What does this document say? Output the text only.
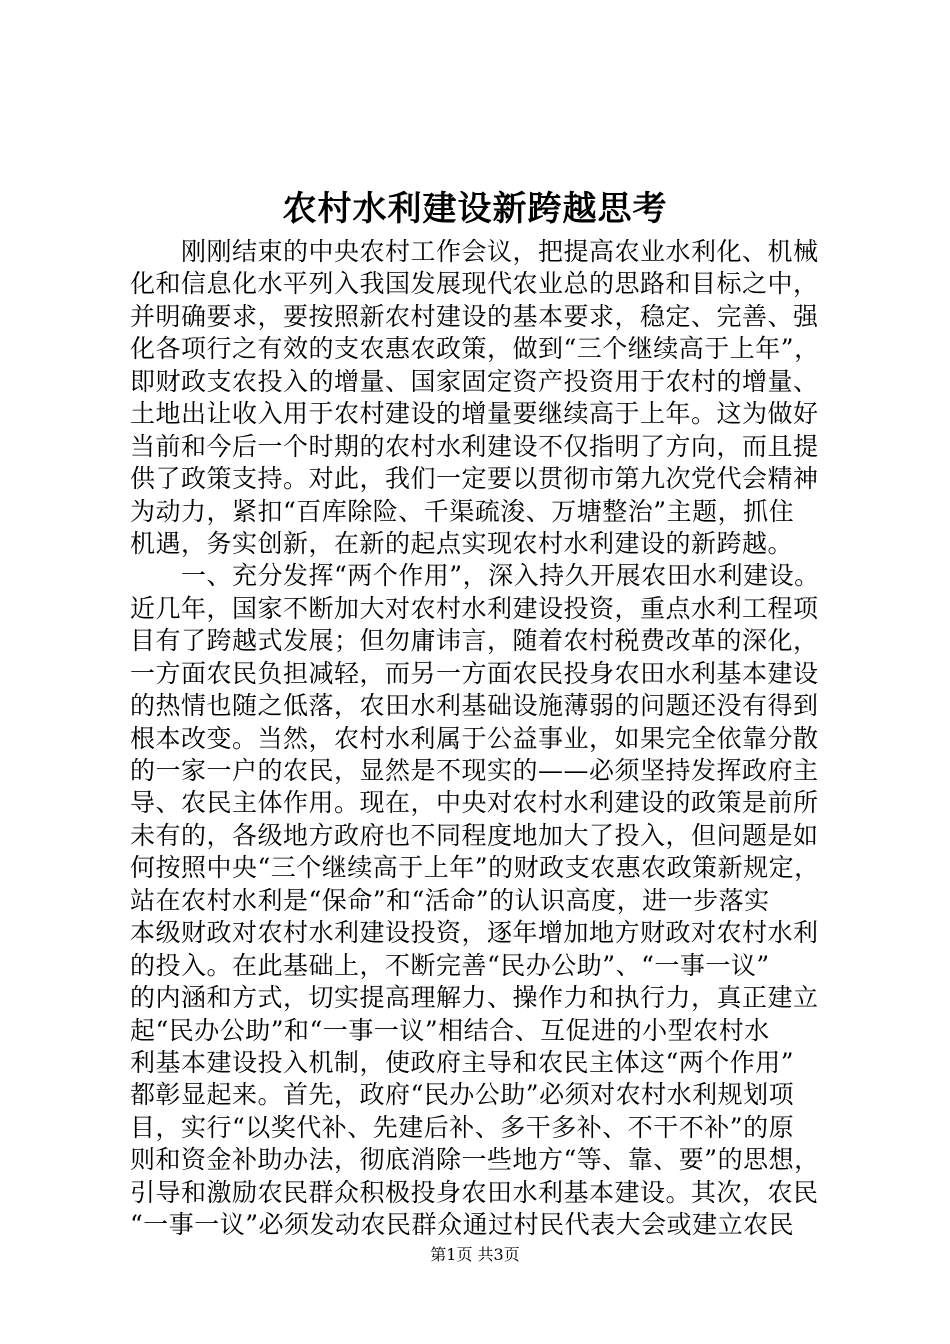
农村水利建设新跨越思考
　　刚刚结束的中央农村工作会议，把提高农业水利化、机械
化和信息化水平列入我国发展现代农业总的思路和目标之中，
并明确要求，要按照新农村建设的基本要求，稳定、完善、强
化各项行之有效的支农惠农政策，做到“三个继续高于上年”，
即财政支农投入的增量、国家固定资产投资用于农村的增量、
土地出让收入用于农村建设的增量要继续高于上年。这为做好
当前和今后一个时期的农村水利建设不仅指明了方向，而且提
供了政策支持。对此，我们一定要以贯彻市第九次党代会精神
为动力，紧扣“百库除险、千渠疏浚、万塘整治”主题，抓住
机遇，务实创新，在新的起点实现农村水利建设的新跨越。
　　一、充分发挥“两个作用”，深入持久开展农田水利建设。
近几年，国家不断加大对农村水利建设投资，重点水利工程项
目有了跨越式发展；但勿庸讳言，随着农村税费改革的深化，
一方面农民负担减轻，而另一方面农民投身农田水利基本建设
的热情也随之低落，农田水利基础设施薄弱的问题还没有得到
根本改变。当然，农村水利属于公益事业，如果完全依靠分散
的一家一户的农民，显然是不现实的——必须坚持发挥政府主
导、农民主体作用。现在，中央对农村水利建设的政策是前所
未有的，各级地方政府也不同程度地加大了投入，但问题是如
何按照中央“三个继续高于上年”的财政支农惠农政策新规定，
站在农村水利是“保命”和“活命”的认识高度，进一步落实
本级财政对农村水利建设投资，逐年增加地方财政对农村水利
的投入。在此基础上，不断完善“民办公助”、“一事一议”
的内涵和方式，切实提高理解力、操作力和执行力，真正建立
起“民办公助”和“一事一议”相结合、互促进的小型农村水
利基本建设投入机制，使政府主导和农民主体这“两个作用”
都彰显起来。首先，政府“民办公助”必须对农村水利规划项
目，实行“以奖代补、先建后补、多干多补、不干不补”的原
则和资金补助办法，彻底消除一些地方“等、靠、要”的思想，
引导和激励农民群众积极投身农田水利基本建设。其次，农民
“一事一议”必须发动农民群众通过村民代表大会或建立农民
第1页 共3页
